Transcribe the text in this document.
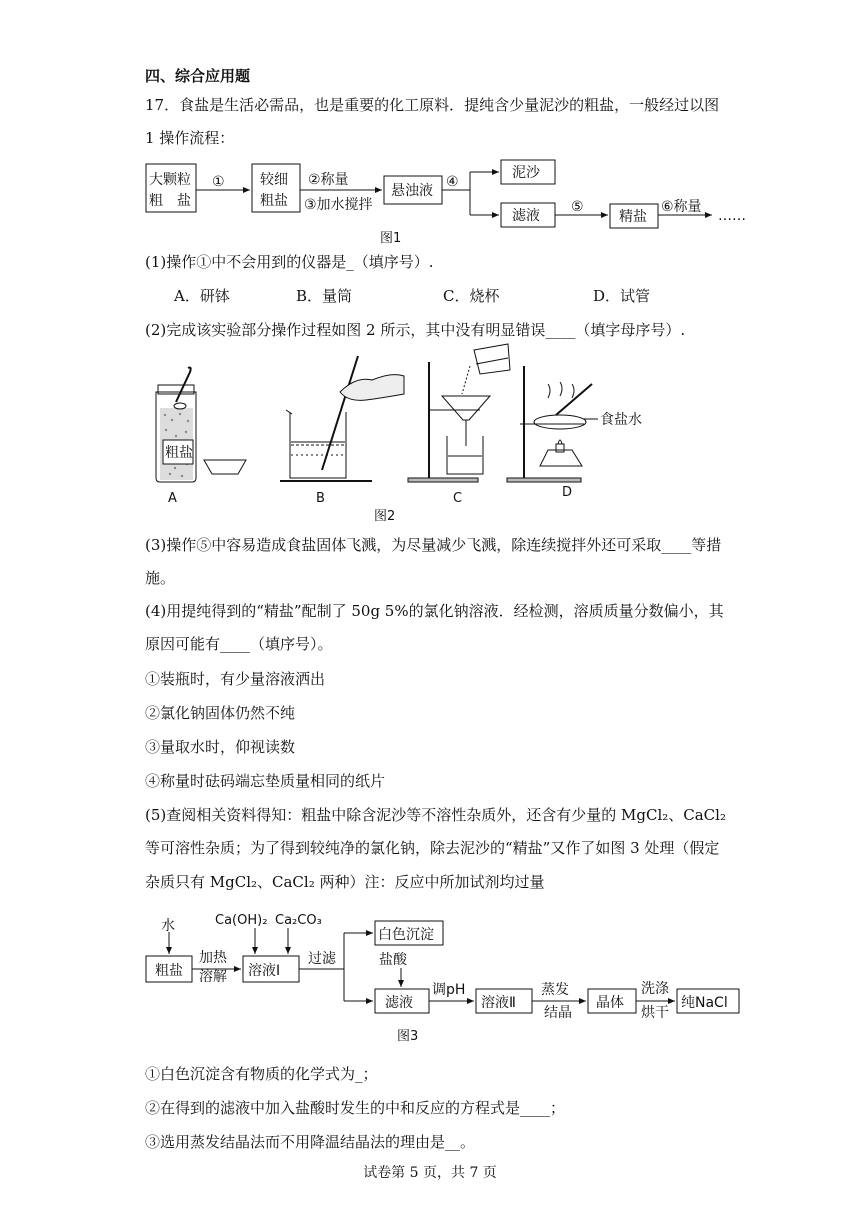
四、综合应用题
17．食盐是生活必需品，也是重要的化工原料．提纯含少量泥沙的粗盐，一般经过以图
1 操作流程：
大颗粒
粗　盐
①	较细
粗盐
②称量
③加水搅拌
悬浊液
④
泥沙
滤液
⑤
精盐
⑥称量
……
图1
(1)操作①中不会用到的仪器是_（填序号）.
A．研钵	B．量筒	C．烧杯	D．试管
(2)完成该实验部分操作过程如图 2 所示，其中没有明显错误____（填字母序号）.
粗盐
食盐水
A	B	C	D
图2
(3)操作⑤中容易造成食盐固体飞溅，为尽量减少飞溅，除连续搅拌外还可采取____等措
施。
(4)用提纯得到的“精盐”配制了 50g 5%的氯化钠溶液．经检测，溶质质量分数偏小，其
原因可能有____（填序号）。
①装瓶时，有少量溶液洒出
②氯化钠固体仍然不纯
③量取水时，仰视读数
④称量时砝码端忘垫质量相同的纸片
(5)查阅相关资料得知：粗盐中除含泥沙等不溶性杂质外，还含有少量的 MgCl₂、CaCl₂
等可溶性杂质；为了得到较纯净的氯化钠，除去泥沙的“精盐”又作了如图 3 处理（假定
杂质只有 MgCl₂、CaCl₂ 两种）注：反应中所加试剂均过量
水	Ca(OH)₂ Ca₂CO₃
粗盐
加热
溶解 溶液Ⅰ
过滤
白色沉淀
盐酸
滤液
调pH
溶液Ⅱ
蒸发
结晶
晶体
洗涤
烘干
纯NaCl
图3
①白色沉淀含有物质的化学式为_；
②在得到的滤液中加入盐酸时发生的中和反应的方程式是____；
③选用蒸发结晶法而不用降温结晶法的理由是__。
试卷第 5 页，共 7 页
